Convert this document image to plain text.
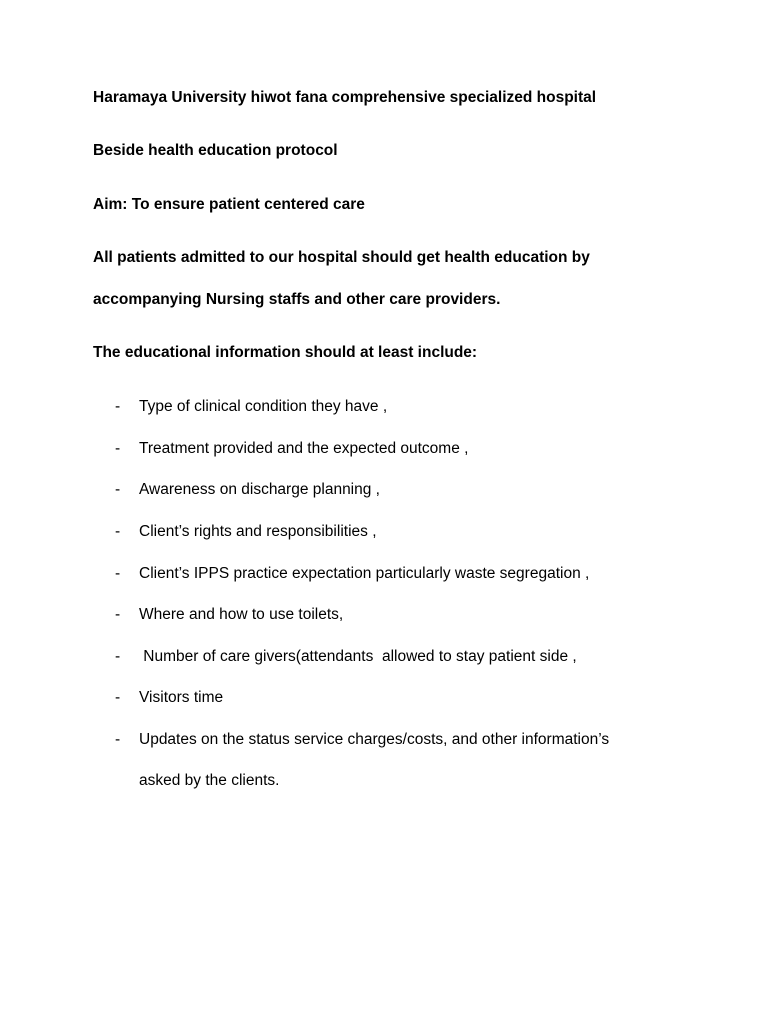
Haramaya University hiwot fana comprehensive specialized hospital
Beside health education protocol
Aim: To ensure patient centered care
All patients admitted to our hospital should get health education by
accompanying Nursing staffs and other care providers.
The educational information should at least include:
- Type of clinical condition they have ,
- Treatment provided and the expected outcome ,
- Awareness on discharge planning ,
- Client’s rights and responsibilities ,
- Client’s IPPS practice expectation particularly waste segregation ,
- Where and how to use toilets,
- Number of care givers(attendants  allowed to stay patient side ,
- Visitors time
- Updates on the status service charges/costs, and other information’s
asked by the clients.
